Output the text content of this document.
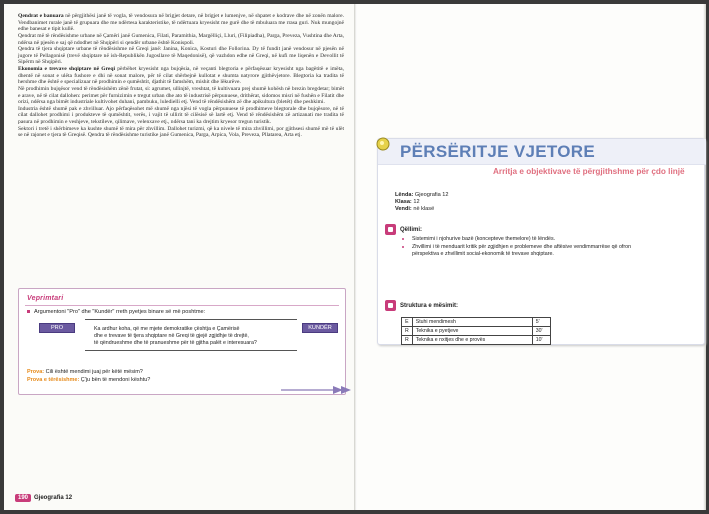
Qendrat e banuara në përgjithësi janë të vogla, të vendosura në brigjet detare, në brigjet e lumenjve, në shpatet e kodrave dhe në zonën malore. Vendbanimet rurale janë të grupuara dhe me ndërtesa karakteristike, të ndërtuara kryesisht me gurë dhe të mbuluara me rrasa guri. Nuk mungojnë edhe banesat e tipit kullë.

Qendrat më të rëndësishme urbane në Çamëri janë Gumenica, Filati, Paramithia, Margëlliçi, Lluri, (Filipiadha), Parga, Preveza, Vushtina dhe Arta, ndërsa në pjesën e saj që ndodhet në Shqipëri si qendër urbane është Konispoli.

Qendra të tjera shqiptare urbane të rëndësishme në Greqi janë: Janina, Konica, Kosturi dhe Follorina. Dy të fundit janë vendosur në pjesën në jugore të Pellagonisë (trevë shqiptare në ish-Republikën Jugosllave të Maqedonisë), që vazhdon edhe në Greqi, në kufi me liqenën e Devollit të Sipërm në Shqipëri.

Ekonomia e trevave shqiptare në Greqi përbëhet kryesisht nga bujqësia, në veçanti blegtoria e përfaqësuar kryesisht nga bagëtitë e imëta, dhentë në sonat e ulëta fushore e dhi në sonat malore, për të cilat shërbejnë kullotat e shumta natyrore gjithëvjetore. Blegtoria ka tradita të hershme dhe është e specializuar në prodhimin e qumështit, djathit të famshëm, mishit dhe lëkurëve.

Në prodhimin bujqësor vend të rëndësishëm zënë frutat, si: agrumet, ullinjtë, vreshtat, të kultivuara prej shumë kohësh në brezin bregdetar; bimët e arave, në të cilat dallohen: perimet për furnizimin e tregut urban dhe ato të industrisë përpunuese, drithërat, sidomos misri në fushën e Filatit dhe orizi, ndërsa nga bimët industriale kultivohet duhani, pambuku, luledielli etj. Vend të rëndësishëm zë dhe apikultura (bletët) dhe peshkimi.

Industria është shumë pak e zhvilluar. Ajo përfaqësohet më shumë nga njësi të vogla përpunuese të prodhimeve blegtorale dhe bujqësore, në të cilat dallohet prodhimi i produkteve të qumështit, verës, i vajit të ullirit të cilësisë së lartë etj. Vend të rëndësishëm zë artizanati me tradita të pasura në prodhimin e veshjeve, tekstileve, qilimave, velenxave etj., ndërsa tani ka drejtim kryesor tregun turistik.

Sektori i tretë i shërbimeve ka kushte shumë të mira për zhvillim. Dallohet turizmi, që ka nivele të mira zhvillimi, por gjithsesi shumë më të ulët se në rajonet e tjera të Greqisë. Qendra të rëndësishme turistike janë Gumenica, Parga, Arpica, Vola, Preveza, Pllatarea, Arta etj.

Veprimtari
Argumentoni "Pro" dhe "Kundër" rreth pyetjes binare së më poshtme:
PRO	KUNDËR
Ka ardhur koha, që me mjete demokratike çështja e Çamërisë
dhe e trevave të tjera shqiptare në Greqi të gjejë zgjidhje të drejtë,
të qëndrueshme dhe të pranueshme për të gjitha palët e interesuara?
Prova: Cili është mendimi juaj për këtë mësim?
Prova e tërësishme: Ç'ju bën të mendoni kështu?
190 Gjeografia 12
PËRSËRITJE VJETORE
Arritja e objektivave të përgjithshme për çdo linjë
Lënda: Gjeografia 12
Klasa: 12
Vendi: në klasë
Qëllimi:
Sistemimi i njohurive bazë (koncepteve themelore) të lëndës.
Zhvillimi i të menduarit kritik për zgjidhjen e problemeve dhe aftësive vendimmarrëse që ofron
përspektiva e zhvillimit social-ekonomik të trevave shqiptare.
Struktura e mësimit:
E	Stuhi mendimesh	5'
R	Teknika e pyetjeve	30'
R	Teknika e nxitjes dhe e provës	10'
